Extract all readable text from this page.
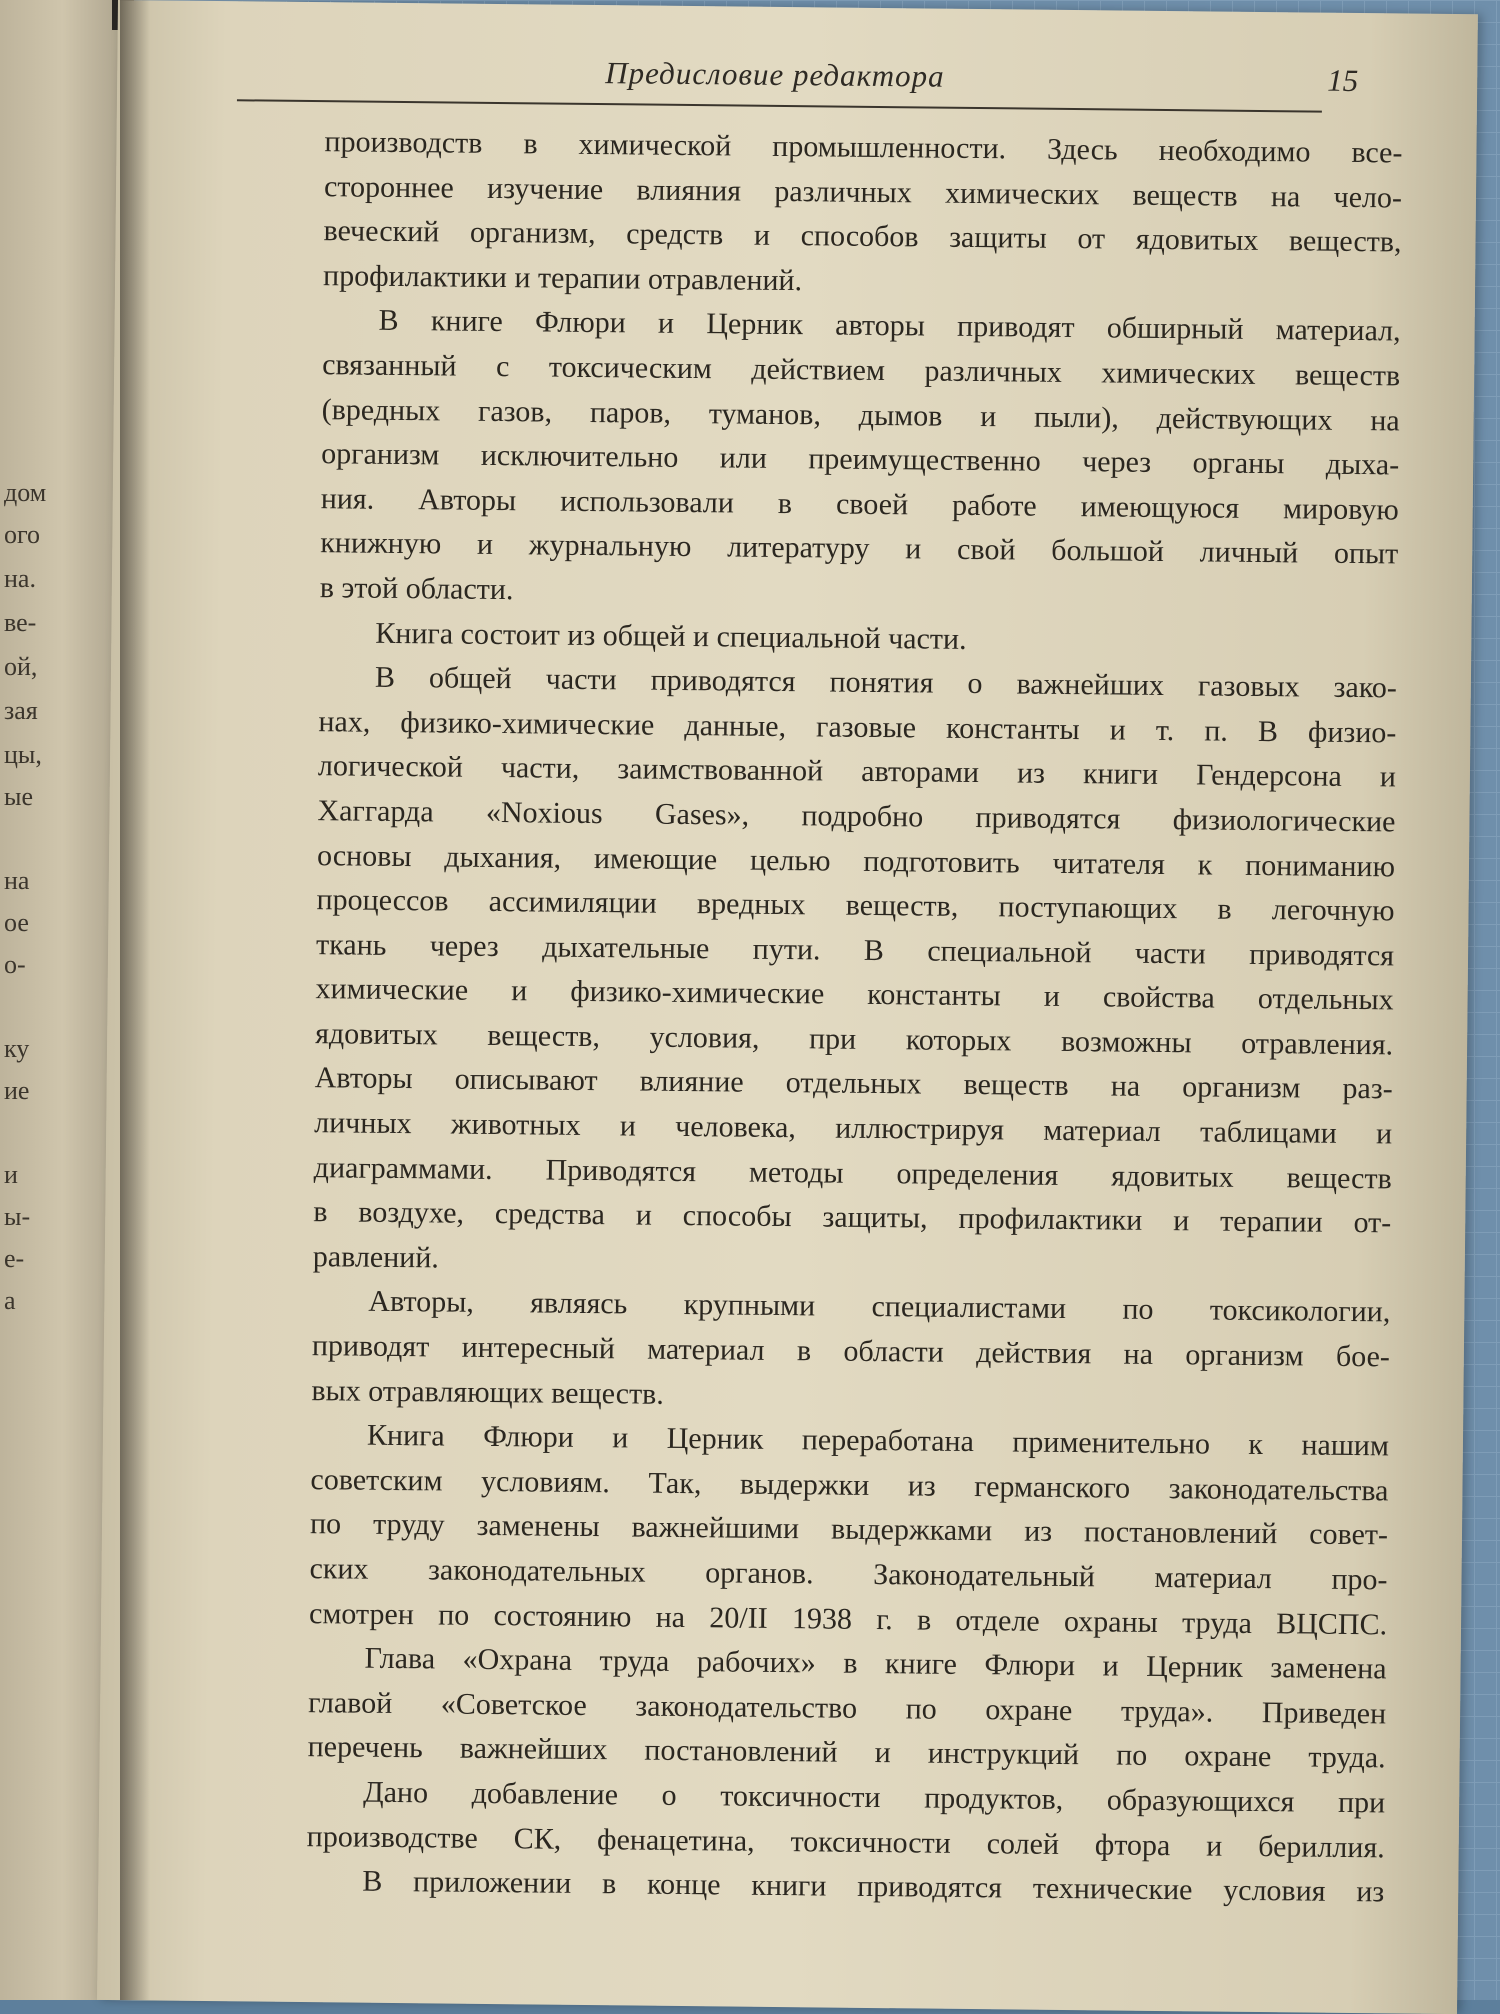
дом
ого
на.
ве-
ой,
зая
цы,
ые
на
ое
о-
ку
ие
и
ы-
е-
а
Предисловие редактора	15
производств в химической промышленности. Здесь необходимо все-
стороннее изучение влияния различных химических веществ на чело-
веческий организм, средств и способов защиты от ядовитых веществ,
профилактики и терапии отравлений.
В книге Флюри и Церник авторы приводят обширный материал,
связанный с токсическим действием различных химических веществ
(вредных газов, паров, туманов, дымов и пыли), действующих на
организм исключительно или преимущественно через органы дыха-
ния. Авторы использовали в своей работе имеющуюся мировую
книжную и журнальную литературу и свой большой личный опыт
в этой области.
Книга состоит из общей и специальной части.
В общей части приводятся понятия о важнейших газовых зако-
нах, физико-химические данные, газовые константы и т. п. В физио-
логической части, заимствованной авторами из книги Гендерсона и
Хаггарда «Noxious Gases», подробно приводятся физиологические
основы дыхания, имеющие целью подготовить читателя к пониманию
процессов ассимиляции вредных веществ, поступающих в легочную
ткань через дыхательные пути. В специальной части приводятся
химические и физико-химические константы и свойства отдельных
ядовитых веществ, условия, при которых возможны отравления.
Авторы описывают влияние отдельных веществ на организм раз-
личных животных и человека, иллюстрируя материал таблицами и
диаграммами. Приводятся методы определения ядовитых веществ
в воздухе, средства и способы защиты, профилактики и терапии от-
равлений.
Авторы, являясь крупными специалистами по токсикологии,
приводят интересный материал в области действия на организм бое-
вых отравляющих веществ.
Книга Флюри и Церник переработана применительно к нашим
советским условиям. Так, выдержки из германского законодательства
по труду заменены важнейшими выдержками из постановлений совет-
ских законодательных органов. Законодательный материал про-
смотрен по состоянию на 20/II 1938 г. в отделе охраны труда ВЦСПС.
Глава «Охрана труда рабочих» в книге Флюри и Церник заменена
главой «Советское законодательство по охране труда». Приведен
перечень важнейших постановлений и инструкций по охране труда.
Дано добавление о токсичности продуктов, образующихся при
производстве СК, фенацетина, токсичности солей фтора и бериллия.
В приложении в конце книги приводятся технические условия из
